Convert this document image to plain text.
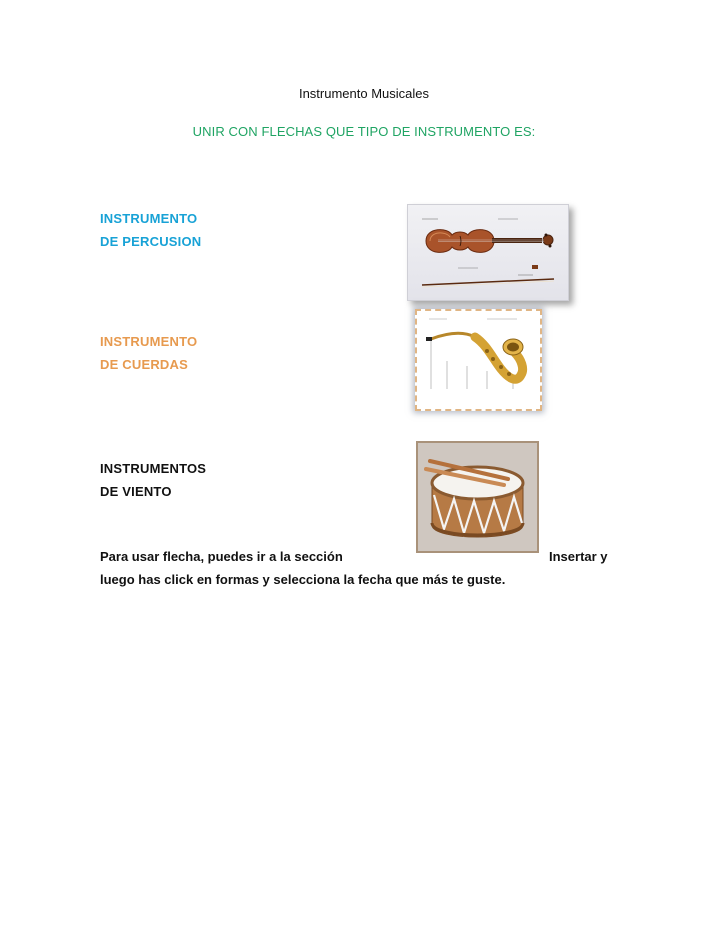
Instrumento Musicales
UNIR CON FLECHAS QUE TIPO DE INSTRUMENTO ES:
INSTRUMENTO
DE PERCUSION
INSTRUMENTO
DE CUERDAS
INSTRUMENTOS
DE VIENTO
Para usar flecha, puedes ir a la sección	Insertar y
luego has click en formas y selecciona la fecha que más te guste.
